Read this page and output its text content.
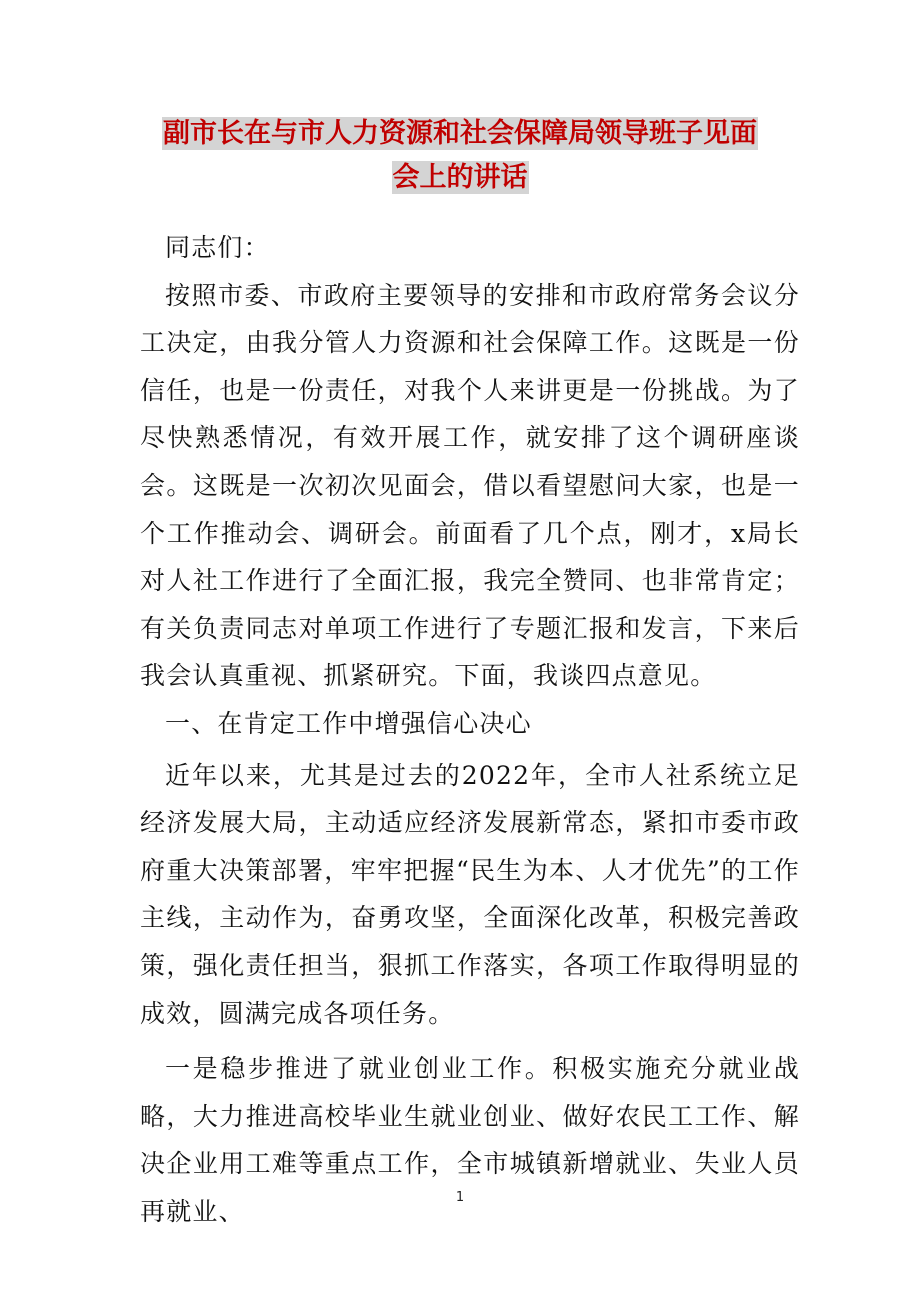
副市长在与市人力资源和社会保障局领导班子见面
会上的讲话

同志们：

按照市委、市政府主要领导的安排和市政府常务会议分工决定，由我分管人力资源和社会保障工作。这既是一份信任，也是一份责任，对我个人来讲更是一份挑战。为了尽快熟悉情况，有效开展工作，就安排了这个调研座谈会。这既是一次初次见面会，借以看望慰问大家，也是一个工作推动会、调研会。前面看了几个点，刚才，x局长对人社工作进行了全面汇报，我完全赞同、也非常肯定；有关负责同志对单项工作进行了专题汇报和发言，下来后我会认真重视、抓紧研究。下面，我谈四点意见。

一、在肯定工作中增强信心决心

近年以来，尤其是过去的2022年，全市人社系统立足经济发展大局，主动适应经济发展新常态，紧扣市委市政府重大决策部署，牢牢把握“民生为本、人才优先”的工作主线，主动作为，奋勇攻坚，全面深化改革，积极完善政策，强化责任担当，狠抓工作落实，各项工作取得明显的成效，圆满完成各项任务。

一是稳步推进了就业创业工作。积极实施充分就业战略，大力推进高校毕业生就业创业、做好农民工工作、解决企业用工难等重点工作，全市城镇新增就业、失业人员再就业、	1
